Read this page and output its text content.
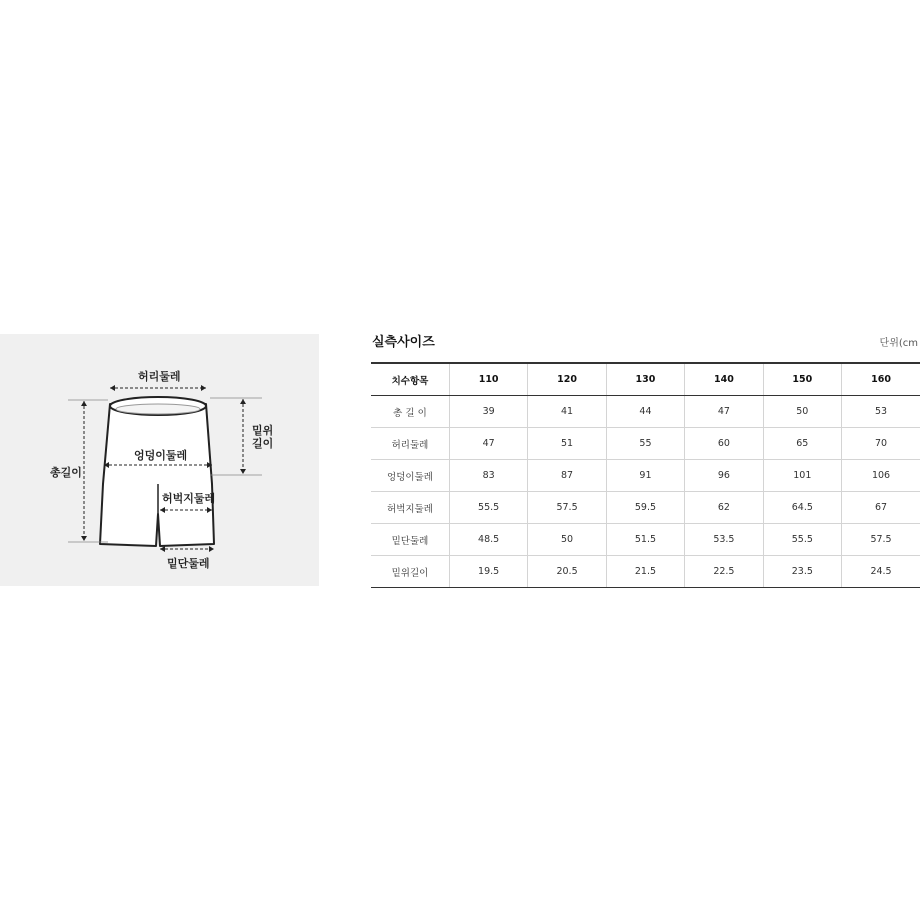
허리둘레
엉덩이둘레
허벅지둘레
밑단둘레
총길이
밑위
길이
실측사이즈	단위(cm
치수항목	110	120	130	140	150	160
총 길 이	39	41	44	47	50	53
허리둘레	47	51	55	60	65	70
엉덩이둘레	83	87	91	96	101	106
허벅지둘레	55.5	57.5	59.5	62	64.5	67
밑단둘레	48.5	50	51.5	53.5	55.5	57.5
밑위길이	19.5	20.5	21.5	22.5	23.5	24.5
